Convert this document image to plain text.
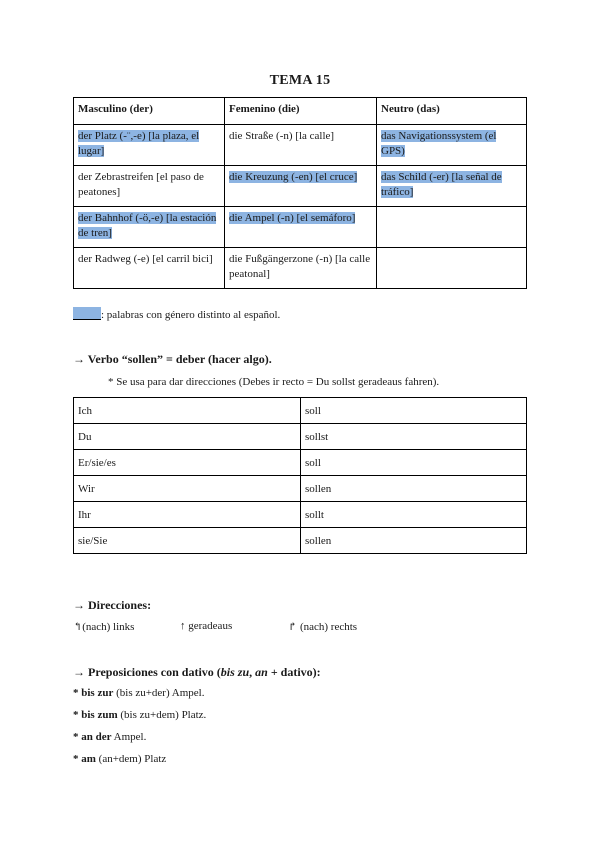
TEMA 15
Masculino (der)	Femenino (die)	Neutro (das)
der Platz (-¨,-e) [la plaza, el lugar]	die Straße (-n) [la calle]	das Navigationssystem (el GPS)
der Zebrastreifen [el paso de peatones]	die Kreuzung (-en) [el cruce]	das Schild (-er) [la señal de tráfico]
der Bahnhof (-ö,-e) [la estación de tren]	die Ampel (-n) [el semáforo]	
der Radweg (-e) [el carril bici]	die Fußgängerzone (-n) [la calle peatonal]	
: palabras con género distinto al español.
→ Verbo “sollen” = deber (hacer algo).
* Se usa para dar direcciones (Debes ir recto = Du sollst geradeaus fahren).
Ich	soll
Du	sollst
Er/sie/es	soll
Wir	sollen
Ihr	sollt
sie/Sie	sollen
→ Direcciones:
↰(nach) links	↑ geradeaus	↱ (nach) rechts
→ Preposiciones con dativo (bis zu, an + dativo):
* bis zur (bis zu+der) Ampel.
* bis zum (bis zu+dem) Platz.
* an der Ampel.
* am (an+dem) Platz
